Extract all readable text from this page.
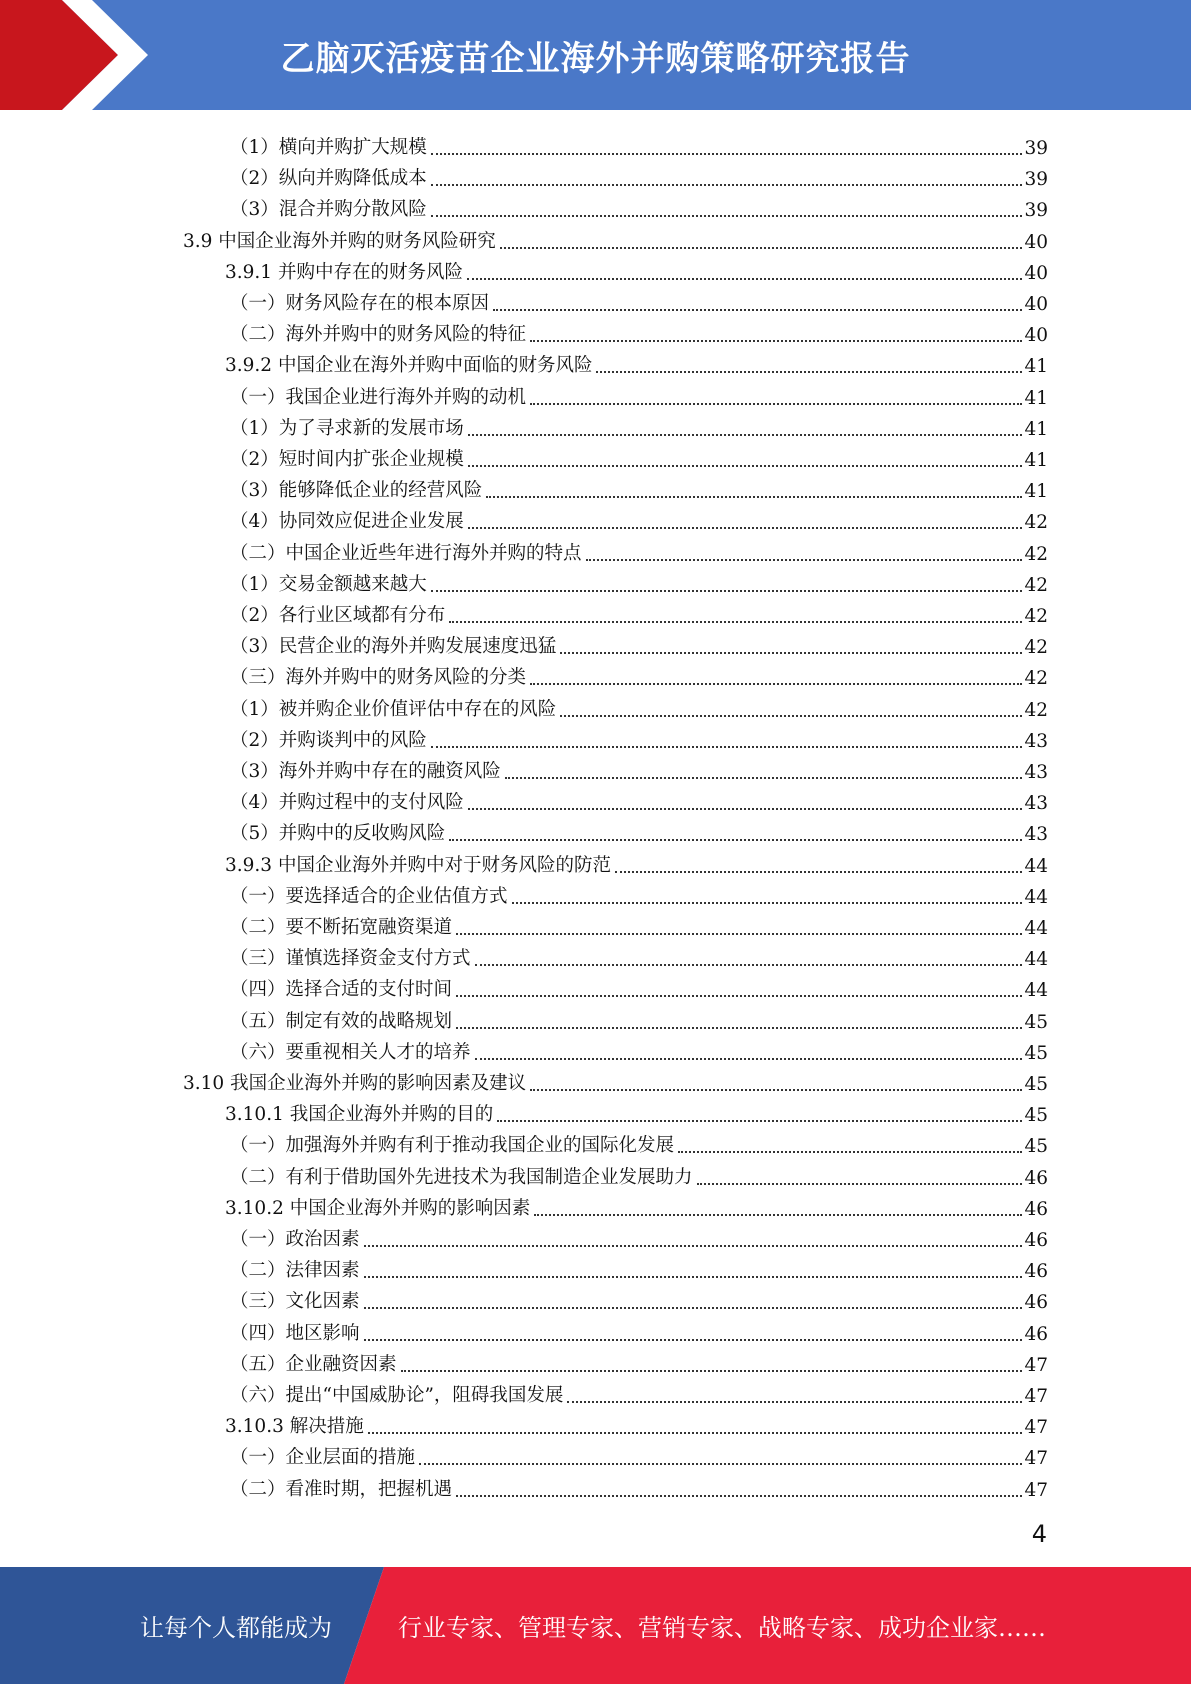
乙脑灭活疫苗企业海外并购策略研究报告
（1）横向并购扩大规模	39
（2）纵向并购降低成本	39
（3）混合并购分散风险	39
3.9 中国企业海外并购的财务风险研究	40
3.9.1 并购中存在的财务风险	40
（一）财务风险存在的根本原因	40
（二）海外并购中的财务风险的特征	40
3.9.2 中国企业在海外并购中面临的财务风险	41
（一）我国企业进行海外并购的动机	41
（1）为了寻求新的发展市场	41
（2）短时间内扩张企业规模	41
（3）能够降低企业的经营风险	41
（4）协同效应促进企业发展	42
（二）中国企业近些年进行海外并购的特点	42
（1）交易金额越来越大	42
（2）各行业区域都有分布	42
（3）民营企业的海外并购发展速度迅猛	42
（三）海外并购中的财务风险的分类	42
（1）被并购企业价值评估中存在的风险	42
（2）并购谈判中的风险	43
（3）海外并购中存在的融资风险	43
（4）并购过程中的支付风险	43
（5）并购中的反收购风险	43
3.9.3 中国企业海外并购中对于财务风险的防范	44
（一）要选择适合的企业估值方式	44
（二）要不断拓宽融资渠道	44
（三）谨慎选择资金支付方式	44
（四）选择合适的支付时间	44
（五）制定有效的战略规划	45
（六）要重视相关人才的培养	45
3.10 我国企业海外并购的影响因素及建议	45
3.10.1 我国企业海外并购的目的	45
（一）加强海外并购有利于推动我国企业的国际化发展	45
（二）有利于借助国外先进技术为我国制造企业发展助力	46
3.10.2 中国企业海外并购的影响因素	46
（一）政治因素	46
（二）法律因素	46
（三）文化因素	46
（四）地区影响	46
（五）企业融资因素	47
（六）提出“中国威胁论”，阻碍我国发展	47
3.10.3 解决措施	47
（一）企业层面的措施	47
（二）看准时期，把握机遇	47
4
让每个人都能成为	行业专家、管理专家、营销专家、战略专家、成功企业家……
